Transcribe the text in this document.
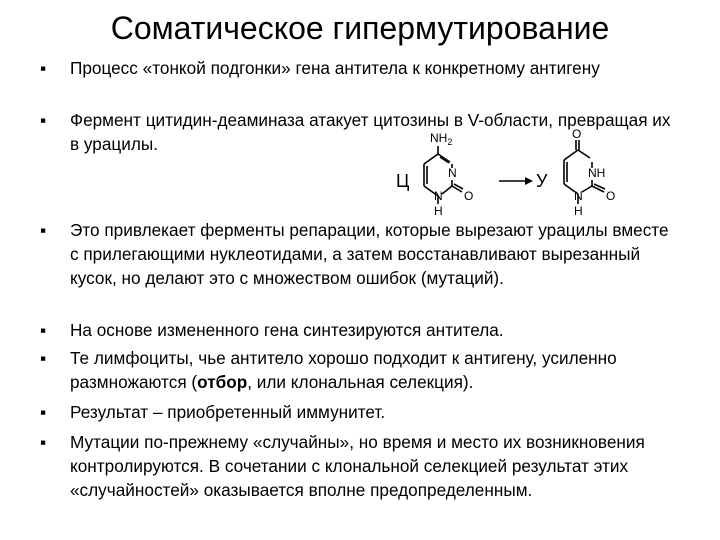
Соматическое гипермутирование
▪	Процесс «тонкой подгонки» гена антитела к конкретному антигену
▪	Фермент цитидин-деаминаза атакует цитозины в V-области, превращая их в урацилы.
Ц	У
$NH_2$
N
N
H
O
O
NH
N
H
O
▪	Это привлекает ферменты репарации, которые вырезают урацилы вместе с прилегающими нуклеотидами, а затем восстанавливают вырезанный кусок, но делают это с множеством ошибок (мутаций).
▪	На основе измененного гена синтезируются антитела.
▪	Те лимфоциты, чье антитело хорошо подходит к антигену, усиленно размножаются (отбор, или клональная селекция).
▪	Результат – приобретенный иммунитет.
▪	Мутации по-прежнему «случайны», но время и место их возникновения контролируются. В сочетании с клональной селекцией результат этих «случайностей» оказывается вполне предопределенным.
